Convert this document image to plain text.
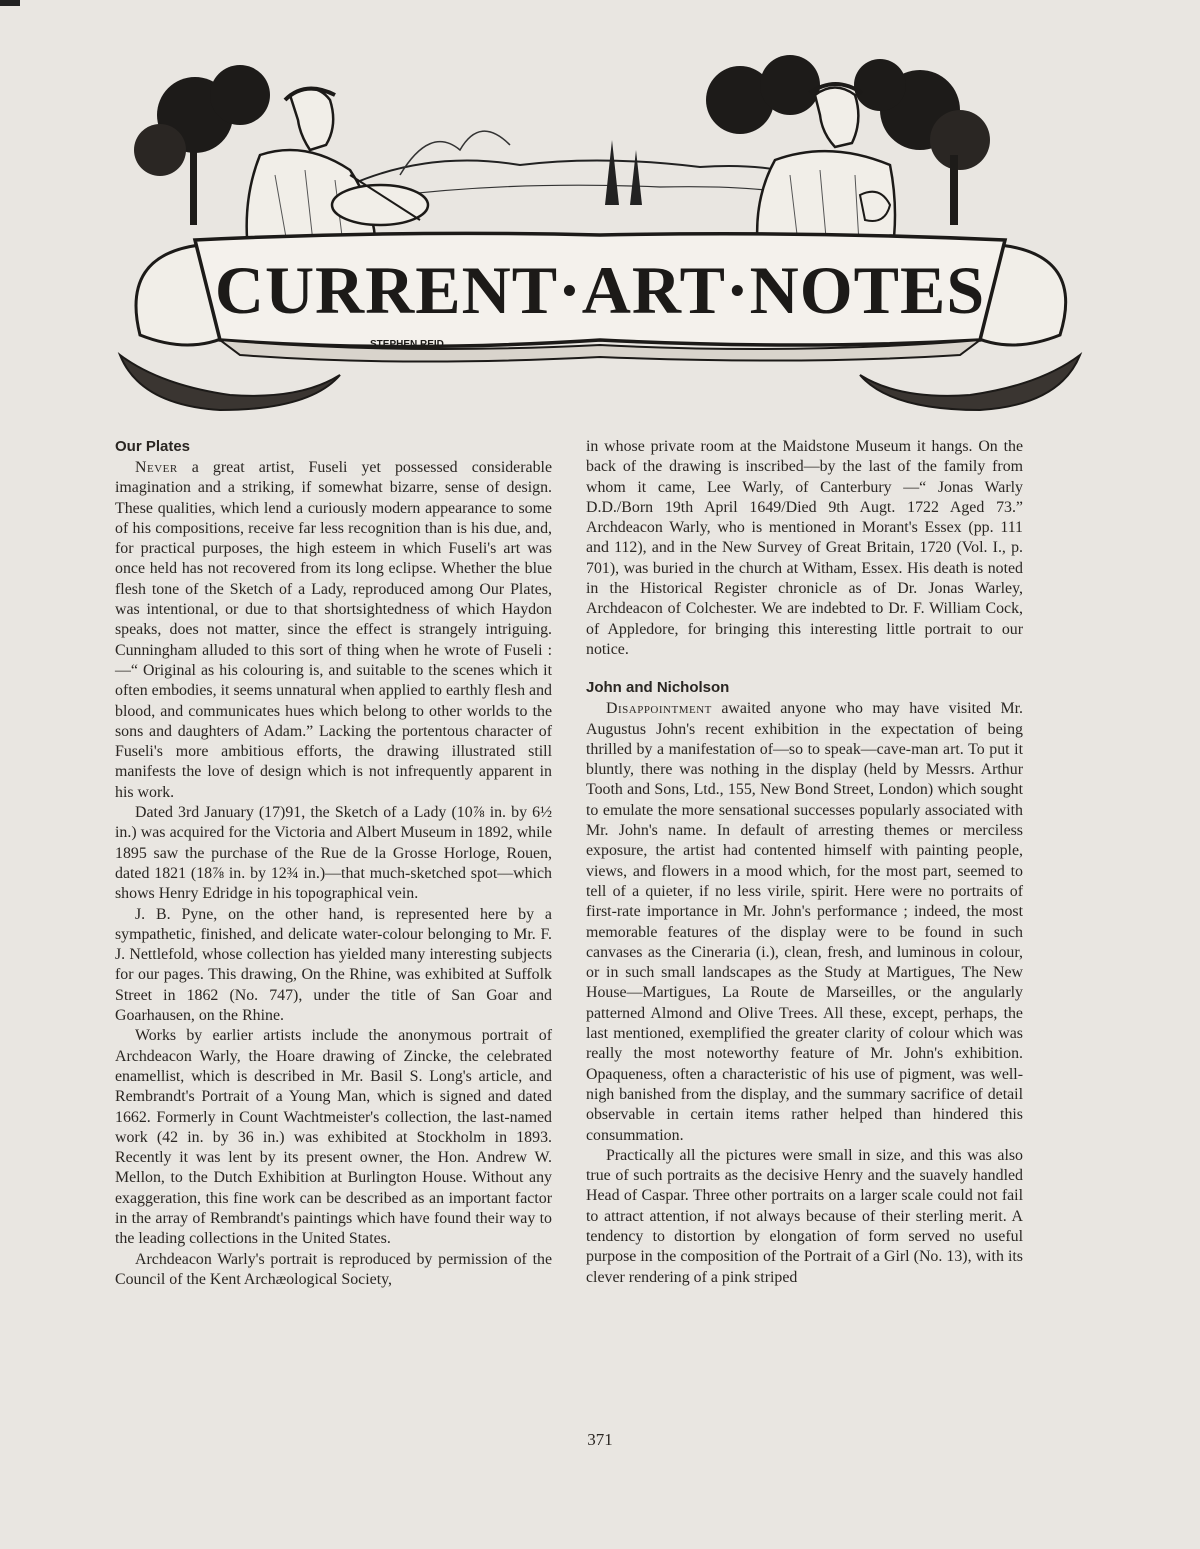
CURRENT·ART·NOTES
STEPHEN REID
Our Plates

Never a great artist, Fuseli yet possessed considerable imagination and a striking, if somewhat bizarre, sense of design. These qualities, which lend a curiously modern appearance to some of his compositions, receive far less recognition than is his due, and, for practical purposes, the high esteem in which Fuseli's art was once held has not recovered from its long eclipse. Whether the blue flesh tone of the Sketch of a Lady, reproduced among Our Plates, was intentional, or due to that shortsightedness of which Haydon speaks, does not matter, since the effect is strangely intriguing. Cunningham alluded to this sort of thing when he wrote of Fuseli :—“ Original as his colouring is, and suitable to the scenes which it often embodies, it seems unnatural when applied to earthly flesh and blood, and communicates hues which belong to other worlds to the sons and daughters of Adam.” Lacking the portentous character of Fuseli's more ambitious efforts, the drawing illustrated still manifests the love of design which is not infrequently apparent in his work.

Dated 3rd January (17)91, the Sketch of a Lady (10⅞ in. by 6½ in.) was acquired for the Victoria and Albert Museum in 1892, while 1895 saw the purchase of the Rue de la Grosse Horloge, Rouen, dated 1821 (18⅞ in. by 12¾ in.)—that much-sketched spot—which shows Henry Edridge in his topographical vein.

J. B. Pyne, on the other hand, is represented here by a sympathetic, finished, and delicate water-colour belonging to Mr. F. J. Nettlefold, whose collection has yielded many interesting subjects for our pages. This drawing, On the Rhine, was exhibited at Suffolk Street in 1862 (No. 747), under the title of San Goar and Goarhausen, on the Rhine.

Works by earlier artists include the anonymous portrait of Archdeacon Warly, the Hoare drawing of Zincke, the celebrated enamellist, which is described in Mr. Basil S. Long's article, and Rembrandt's Portrait of a Young Man, which is signed and dated 1662. Formerly in Count Wachtmeister's collection, the last-named work (42 in. by 36 in.) was exhibited at Stockholm in 1893. Recently it was lent by its present owner, the Hon. Andrew W. Mellon, to the Dutch Exhibition at Burlington House. Without any exaggeration, this fine work can be described as an important factor in the array of Rembrandt's paintings which have found their way to the leading collections in the United States.

Archdeacon Warly's portrait is reproduced by permission of the Council of the Kent Archæological Society,

in whose private room at the Maidstone Museum it hangs. On the back of the drawing is inscribed—by the last of the family from whom it came, Lee Warly, of Canterbury —“ Jonas Warly D.D./Born 19th April 1649/Died 9th Augt. 1722 Aged 73.” Archdeacon Warly, who is mentioned in Morant's Essex (pp. 111 and 112), and in the New Survey of Great Britain, 1720 (Vol. I., p. 701), was buried in the church at Witham, Essex. His death is noted in the Historical Register chronicle as of Dr. Jonas Warley, Archdeacon of Colchester. We are indebted to Dr. F. William Cock, of Appledore, for bringing this interesting little portrait to our notice.

John and Nicholson

Disappointment awaited anyone who may have visited Mr. Augustus John's recent exhibition in the expectation of being thrilled by a manifestation of—so to speak—cave-man art. To put it bluntly, there was nothing in the display (held by Messrs. Arthur Tooth and Sons, Ltd., 155, New Bond Street, London) which sought to emulate the more sensational successes popularly associated with Mr. John's name. In default of arresting themes or merciless exposure, the artist had contented himself with painting people, views, and flowers in a mood which, for the most part, seemed to tell of a quieter, if no less virile, spirit. Here were no portraits of first-rate importance in Mr. John's performance ; indeed, the most memorable features of the display were to be found in such canvases as the Cineraria (i.), clean, fresh, and luminous in colour, or in such small landscapes as the Study at Martigues, The New House—Martigues, La Route de Marseilles, or the angularly patterned Almond and Olive Trees. All these, except, perhaps, the last mentioned, exemplified the greater clarity of colour which was really the most noteworthy feature of Mr. John's exhibition. Opaqueness, often a characteristic of his use of pigment, was well-nigh banished from the display, and the summary sacrifice of detail observable in certain items rather helped than hindered this consummation.

Practically all the pictures were small in size, and this was also true of such portraits as the decisive Henry and the suavely handled Head of Caspar. Three other portraits on a larger scale could not fail to attract attention, if not always because of their sterling merit. A tendency to distortion by elongation of form served no useful purpose in the composition of the Portrait of a Girl (No. 13), with its clever rendering of a pink striped

371
